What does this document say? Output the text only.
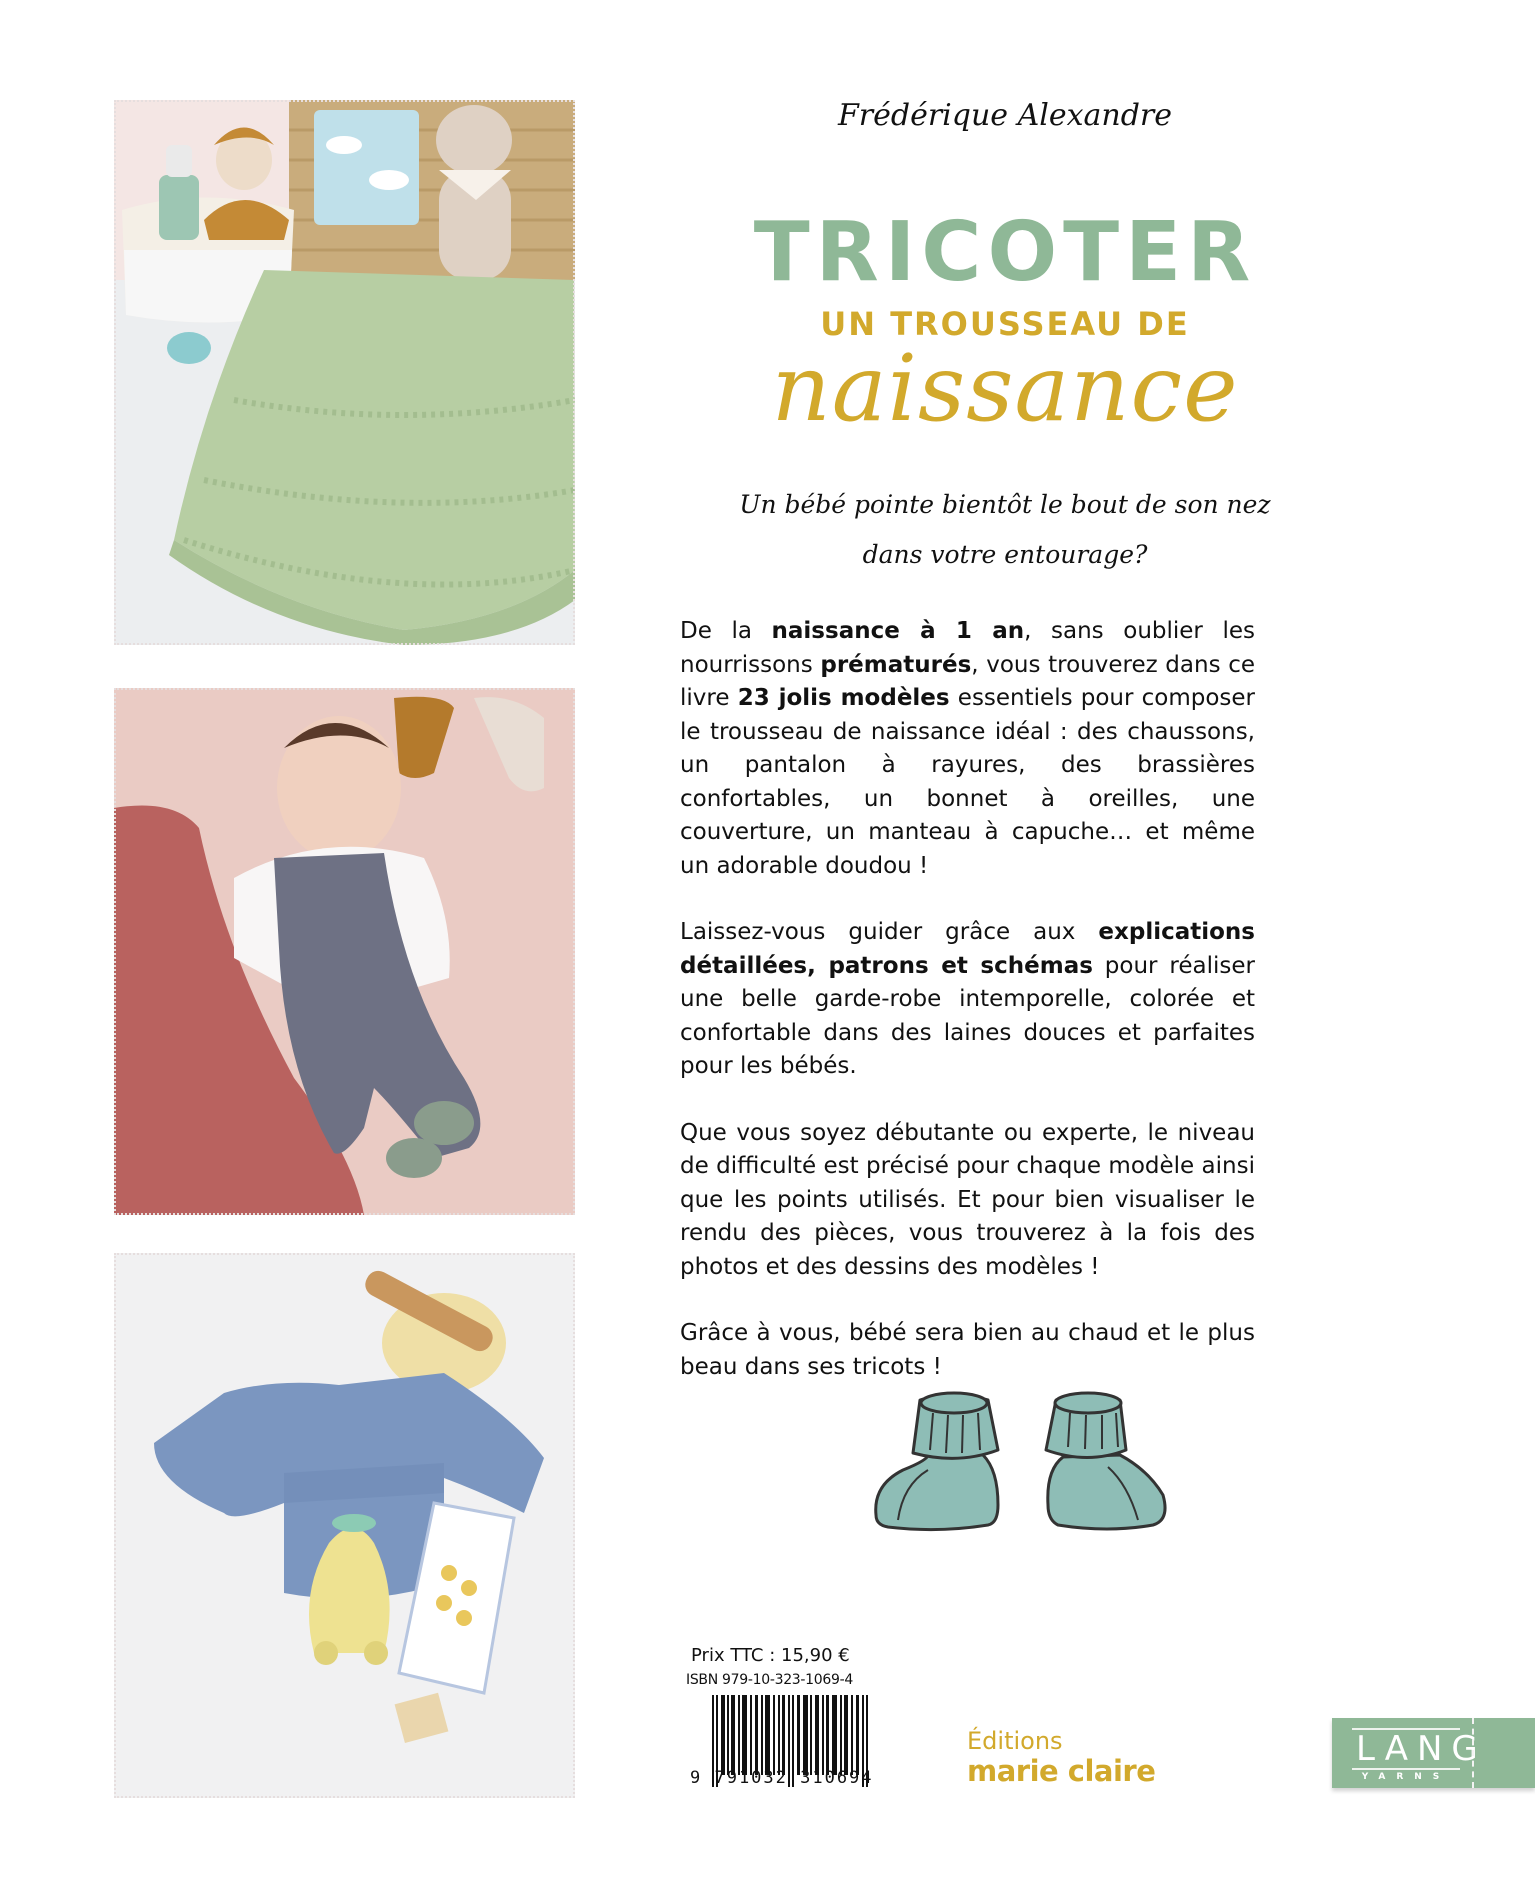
Frédérique Alexandre
TRICOTER
UN TROUSSEAU DE
naissance
Un bébé pointe bientôt le bout de son nez
dans votre entourage?

De la naissance à 1 an, sans oublier les nourrissons prématurés, vous trouverez dans ce livre 23 jolis modèles essentiels pour composer le trousseau de naissance idéal : des chaussons, un pantalon à rayures, des brassières confortables, un bonnet à oreilles, une couverture, un manteau à capuche… et même un adorable doudou !

Laissez-vous guider grâce aux explications détaillées, patrons et schémas pour réaliser une belle garde-robe intemporelle, colorée et confortable dans des laines douces et parfaites pour les bébés.

Que vous soyez débutante ou experte, le niveau de difficulté est précisé pour chaque modèle ainsi que les points utilisés. Et pour bien visualiser le rendu des pièces, vous trouverez à la fois des photos et des dessins des modèles !

Grâce à vous, bébé sera bien au chaud et le plus beau dans ses tricots !

Prix TTC : 15,90 €
ISBN 979-10-323-1069-4
9 791032 310694
Éditions
marie claire
LANG
YARNS
